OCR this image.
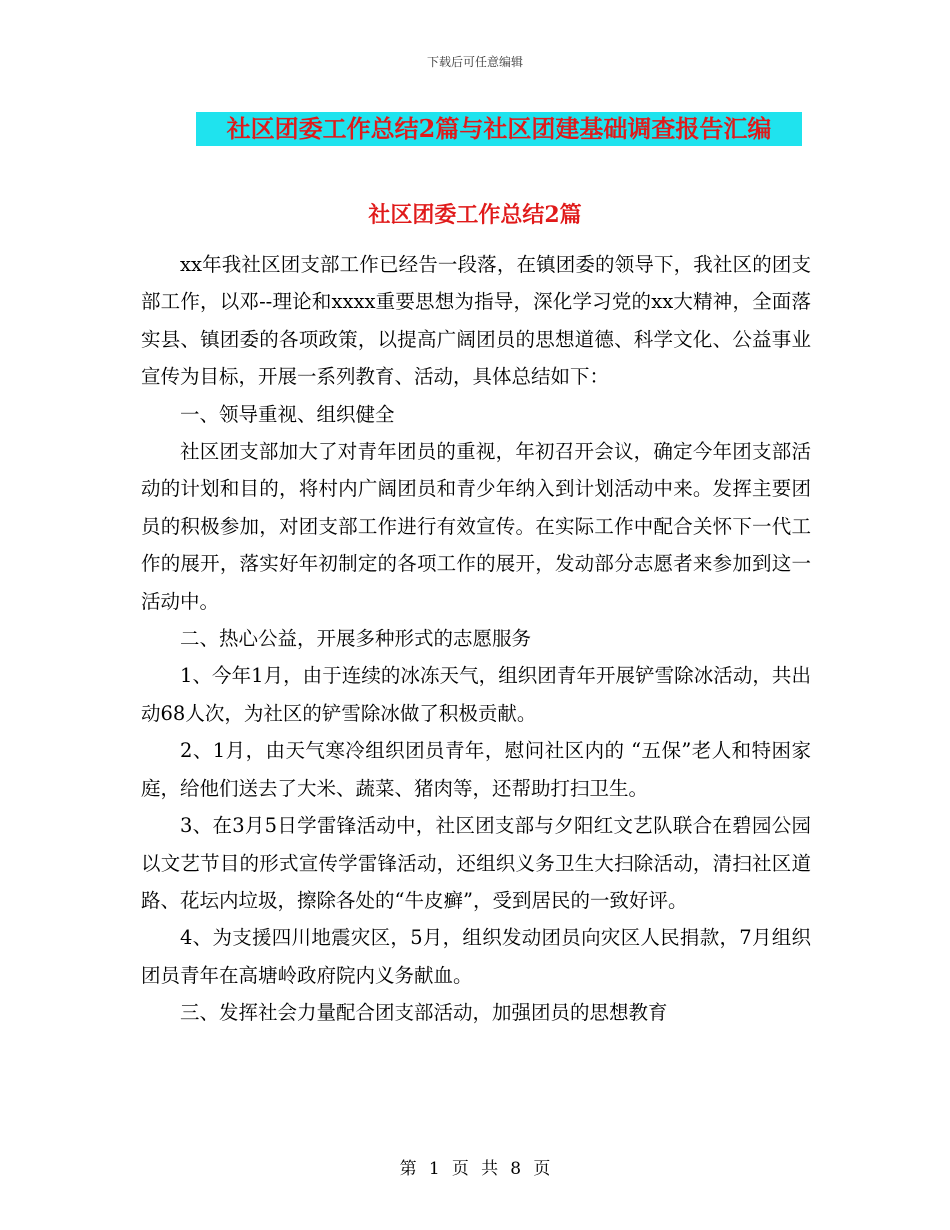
下载后可任意编辑
社区团委工作总结2篇与社区团建基础调查报告汇编
社区团委工作总结2篇

xx年我社区团支部工作已经告一段落，在镇团委的领导下，我社区的团支部工作，以邓--理论和xxxx重要思想为指导，深化学习党的xx大精神，全面落实县、镇团委的各项政策，以提高广阔团员的思想道德、科学文化、公益事业宣传为目标，开展一系列教育、活动，具体总结如下：

一、领导重视、组织健全

社区团支部加大了对青年团员的重视，年初召开会议，确定今年团支部活动的计划和目的，将村内广阔团员和青少年纳入到计划活动中来。发挥主要团员的积极参加，对团支部工作进行有效宣传。在实际工作中配合关怀下一代工作的展开，落实好年初制定的各项工作的展开，发动部分志愿者来参加到这一活动中。

二、热心公益，开展多种形式的志愿服务

1、今年1月，由于连续的冰冻天气，组织团青年开展铲雪除冰活动，共出动68人次，为社区的铲雪除冰做了积极贡献。

2、1月，由天气寒冷组织团员青年，慰问社区内的 “五保”老人和特困家庭，给他们送去了大米、蔬菜、猪肉等，还帮助打扫卫生。

3、在3月5日学雷锋活动中，社区团支部与夕阳红文艺队联合在碧园公园以文艺节目的形式宣传学雷锋活动，还组织义务卫生大扫除活动，清扫社区道路、花坛内垃圾，擦除各处的“牛皮癣”，受到居民的一致好评。

4、为支援四川地震灾区，5月，组织发动团员向灾区人民捐款，7月组织团员青年在高塘岭政府院内义务献血。

三、发挥社会力量配合团支部活动，加强团员的思想教育

第 1 页 共 8 页
